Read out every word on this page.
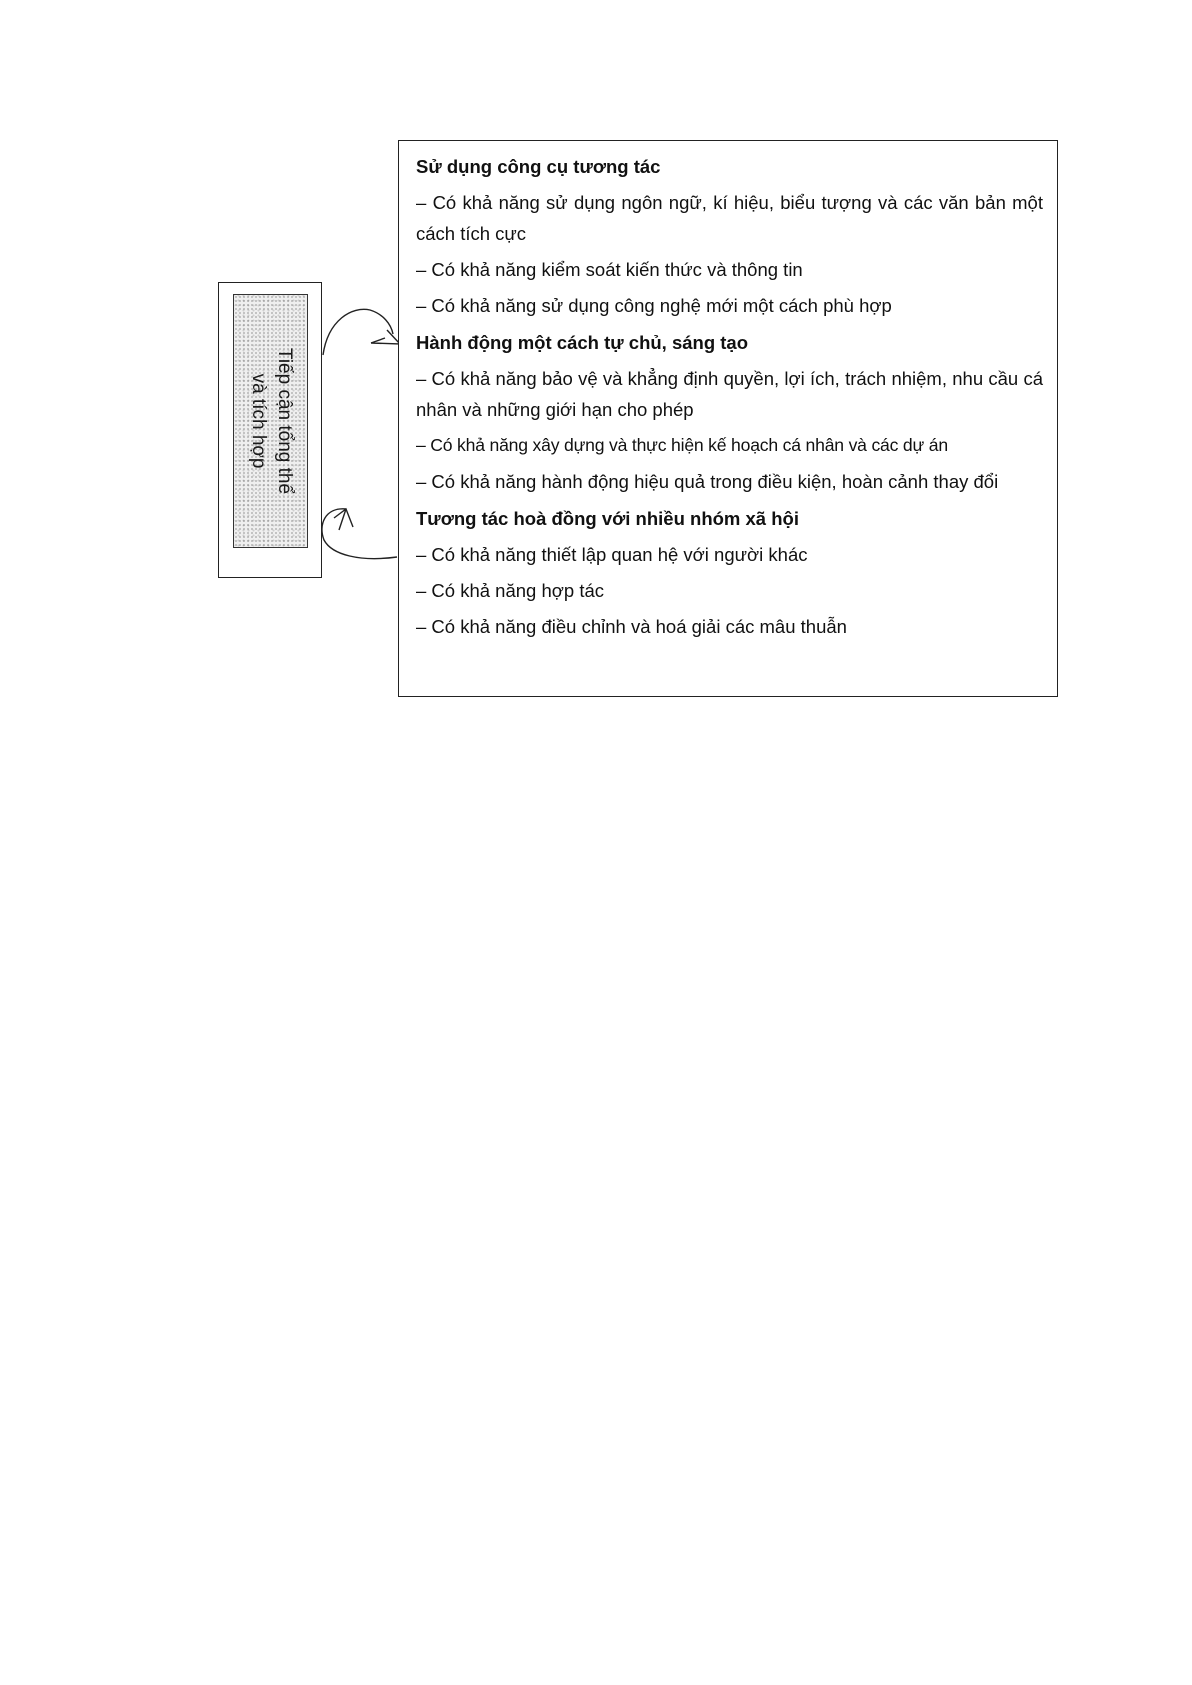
Tiếp cận tổng thể
và tích hợp
Sử dụng công cụ tương tác
– Có khả năng sử dụng ngôn ngữ, kí hiệu, biểu tượng và các văn bản một cách tích cực
– Có khả năng kiểm soát kiến thức và thông tin
– Có khả năng sử dụng công nghệ mới một cách phù hợp
Hành động một cách tự chủ, sáng tạo
– Có khả năng bảo vệ và khẳng định quyền, lợi ích, trách nhiệm, nhu cầu cá nhân và những giới hạn cho phép
– Có khả năng xây dựng và thực hiện kế hoạch cá nhân và các dự án
– Có khả năng hành động hiệu quả trong điều kiện, hoàn cảnh thay đổi
Tương tác hoà đồng với nhiều nhóm xã hội
– Có khả năng thiết lập quan hệ với người khác
– Có khả năng hợp tác
– Có khả năng điều chỉnh và hoá giải các mâu thuẫn
